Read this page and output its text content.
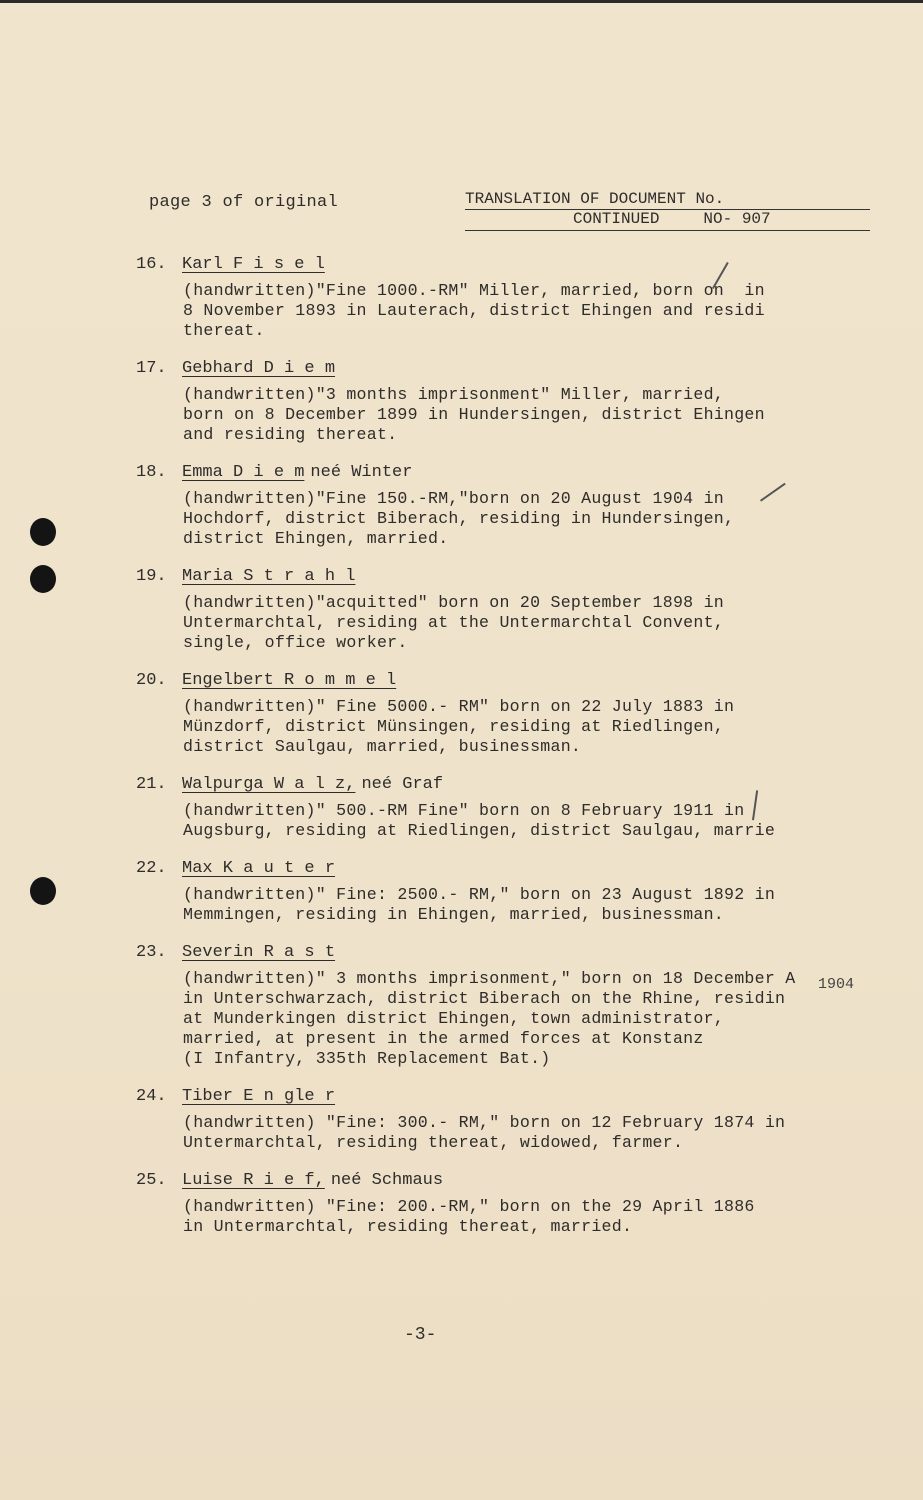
page 3 of original	TRANSLATION OF DOCUMENT No.
CONTINUED	NO- 907
1904
16. Karl F i s e l
(handwritten)"Fine 1000.-RM" Miller, married, born on  in
8 November 1893 in Lauterach, district Ehingen and residi
thereat.
17. Gebhard D i e m
(handwritten)"3 months imprisonment" Miller, married,
born on 8 December 1899 in Hundersingen, district Ehingen
and residing thereat.
18. Emma D i e m neé Winter
(handwritten)"Fine 150.-RM,"born on 20 August 1904 in
Hochdorf, district Biberach, residing in Hundersingen,
district Ehingen, married.
19. Maria S t r a h l
(handwritten)"acquitted" born on 20 September 1898 in
Untermarchtal, residing at the Untermarchtal Convent,
single, office worker.
20. Engelbert R o m m e l
(handwritten)" Fine 5000.- RM" born on 22 July 1883 in
Münzdorf, district Münsingen, residing at Riedlingen,
district Saulgau, married, businessman.
21. Walpurga W a l z, neé Graf
(handwritten)" 500.-RM Fine" born on 8 February 1911 in
Augsburg, residing at Riedlingen, district Saulgau, marrie
22. Max K a u t e r
(handwritten)" Fine: 2500.- RM," born on 23 August 1892 in
Memmingen, residing in Ehingen, married, businessman.
23. Severin R a s t
(handwritten)" 3 months imprisonment," born on 18 December A
in Unterschwarzach, district Biberach on the Rhine, residin
at Munderkingen district Ehingen, town administrator,
married, at present in the armed forces at Konstanz
(I Infantry, 335th Replacement Bat.)
24. Tiber E n gle r
(handwritten) "Fine: 300.- RM," born on 12 February 1874 in
Untermarchtal, residing thereat, widowed, farmer.
25. Luise R i e f, neé Schmaus
(handwritten) "Fine: 200.-RM," born on the 29 April 1886
in Untermarchtal, residing thereat, married.
-3-
